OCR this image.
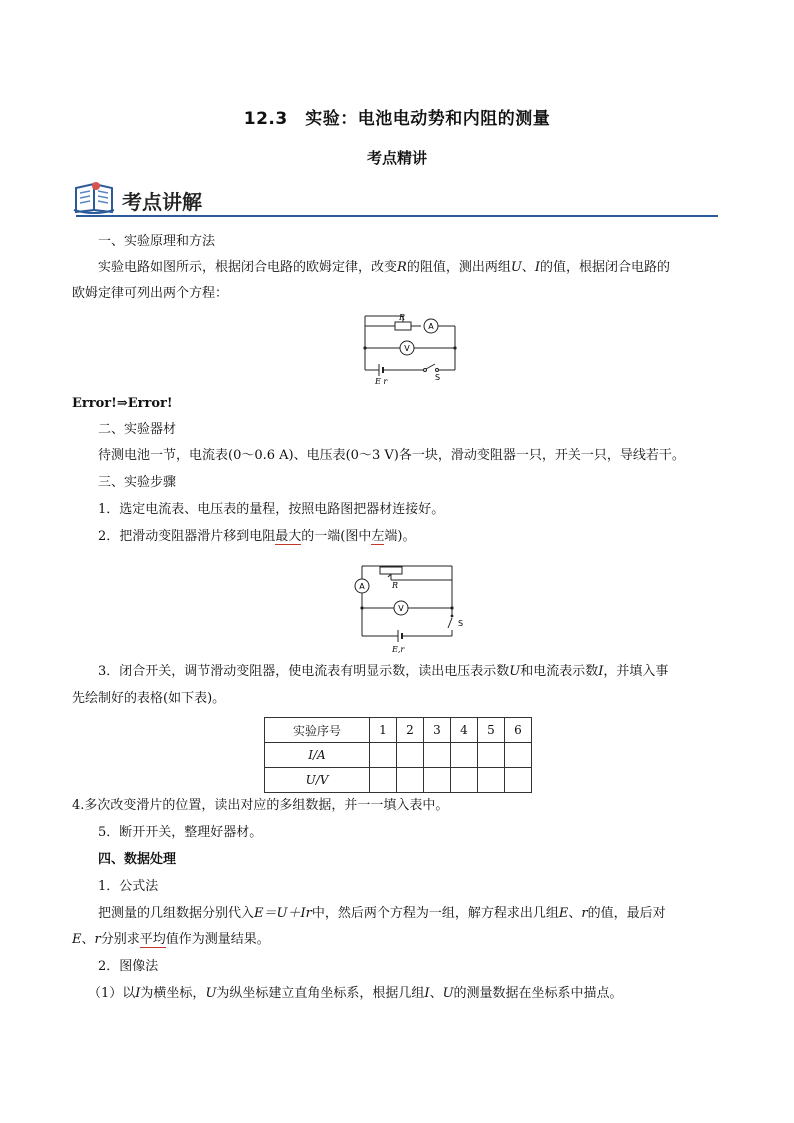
12.3　实验：电池电动势和内阻的测量
考点精讲
考点讲解
一、实验原理和方法
实验电路如图所示，根据闭合电路的欧姆定律，改变R的阻值，测出两组U、I的值，根据闭合电路的
欧姆定律可列出两个方程：
R
A
V
E r	S
Error!⇒Error!
二、实验器材
待测电池一节，电流表(0～0.6 A)、电压表(0～3 V)各一块，滑动变阻器一只，开关一只，导线若干。
三、实验步骤
1．选定电流表、电压表的量程，按照电路图把器材连接好。
2．把滑动变阻器滑片移到电阻最大的一端(图中左端)。
A	R
V
S
E,r
3．闭合开关，调节滑动变阻器，使电流表有明显示数，读出电压表示数U和电流表示数I，并填入事
先绘制好的表格(如下表)。
实验序号	1	2	3	4	5	6
I/A						
U/V						
4.多次改变滑片的位置，读出对应的多组数据，并一一填入表中。
5．断开开关，整理好器材。
四、数据处理
1．公式法
把测量的几组数据分别代入E＝U＋Ir中，然后两个方程为一组，解方程求出几组E、r的值，最后对
E、r分别求平均值作为测量结果。
2．图像法
（1）以I为横坐标，U为纵坐标建立直角坐标系，根据几组I、U的测量数据在坐标系中描点。
